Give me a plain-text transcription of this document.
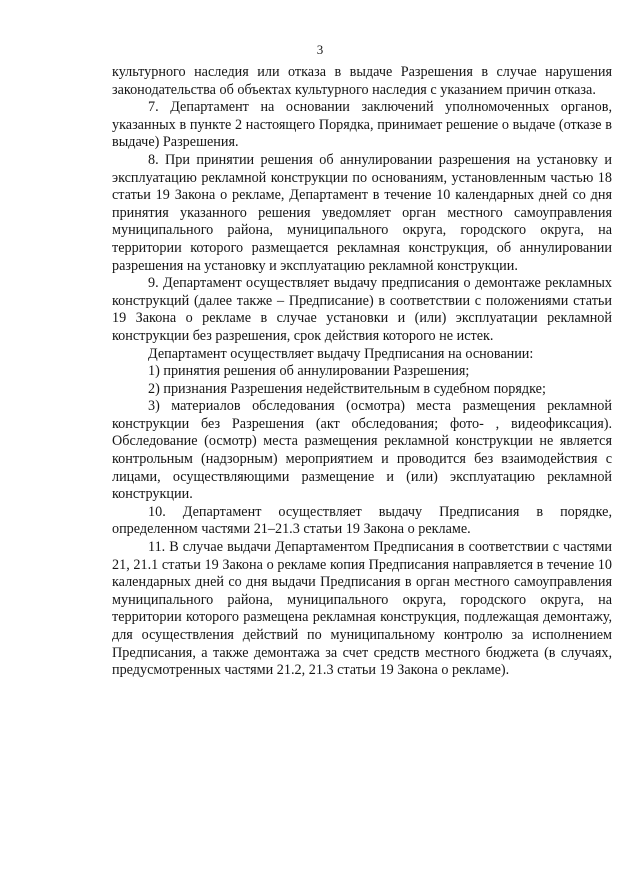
3

культурного наследия или отказа в выдаче Разрешения в случае нарушения законодательства об объектах культурного наследия с указанием причин отказа.

7. Департамент на основании заключений уполномоченных органов, указанных в пункте 2 настоящего Порядка, принимает решение о выдаче (отказе в выдаче) Разрешения.

8. При принятии решения об аннулировании разрешения на установку и эксплуатацию рекламной конструкции по основаниям, установленным частью 18 статьи 19 Закона о рекламе, Департамент в течение 10 календарных дней со дня принятия указанного решения уведомляет орган местного самоуправления муниципального района, муниципального округа, городского округа, на территории которого размещается рекламная конструкция, об аннулировании разрешения на установку и эксплуатацию рекламной конструкции.

9. Департамент осуществляет выдачу предписания о демонтаже рекламных конструкций (далее также – Предписание) в соответствии с положениями статьи 19 Закона о рекламе в случае установки и (или) эксплуатации рекламной конструкции без разрешения, срок действия которого не истек.

Департамент осуществляет выдачу Предписания на основании:

1) принятия решения об аннулировании Разрешения;

2) признания Разрешения недействительным в судебном порядке;

3) материалов обследования (осмотра) места размещения рекламной конструкции без Разрешения (акт обследования; фото- , видеофиксация). Обследование (осмотр) места размещения рекламной конструкции не является контрольным (надзорным) мероприятием и проводится без взаимодействия с лицами, осуществляющими размещение и (или) эксплуатацию рекламной конструкции.

10. Департамент осуществляет выдачу Предписания в порядке, определенном частями 21–21.3 статьи 19 Закона о рекламе.

11. В случае выдачи Департаментом Предписания в соответствии с частями 21, 21.1 статьи 19 Закона о рекламе копия Предписания направляется в течение 10 календарных дней со дня выдачи Предписания в орган местного самоуправления муниципального района, муниципального округа, городского округа, на территории которого размещена рекламная конструкция, подлежащая демонтажу, для осуществления действий по муниципальному контролю за исполнением Предписания, а также демонтажа за счет средств местного бюджета (в случаях, предусмотренных частями 21.2, 21.3 статьи 19 Закона о рекламе).
